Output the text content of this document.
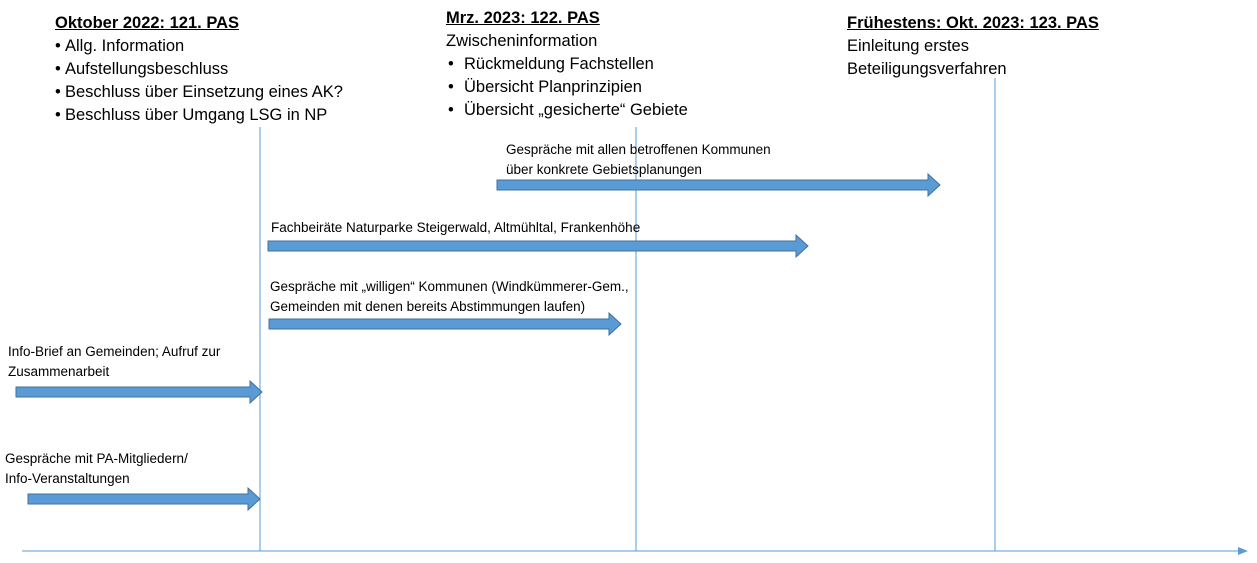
Oktober 2022: 121. PAS
• Allg. Information
• Aufstellungsbeschluss
• Beschluss über Einsetzung eines AK?
• Beschluss über Umgang LSG in NP
Mrz. 2023: 122. PAS
Zwischeninformation
• Rückmeldung Fachstellen
• Übersicht Planprinzipien
• Übersicht „gesicherte“ Gebiete
Frühestens: Okt. 2023: 123. PAS
Einleitung erstes
Beteiligungsverfahren
Gespräche mit allen betroffenen Kommunen
über konkrete Gebietsplanungen
Fachbeiräte Naturparke Steigerwald, Altmühltal, Frankenhöhe
Gespräche mit „willigen“ Kommunen (Windkümmerer-Gem.,
Gemeinden mit denen bereits Abstimmungen laufen)
Info-Brief an Gemeinden; Aufruf zur
Zusammenarbeit
Gespräche mit PA-Mitgliedern/
Info-Veranstaltungen
